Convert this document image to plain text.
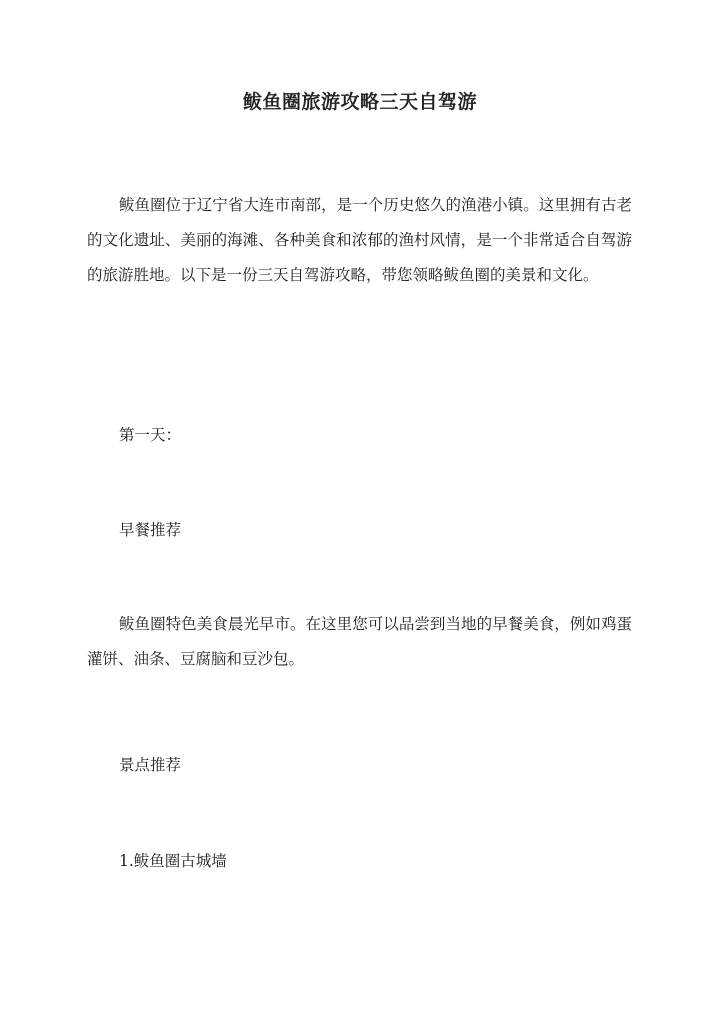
鲅鱼圈旅游攻略三天自驾游

鲅鱼圈位于辽宁省大连市南部，是一个历史悠久的渔港小镇。这里拥有古老的文化遗址、美丽的海滩、各种美食和浓郁的渔村风情，是一个非常适合自驾游的旅游胜地。以下是一份三天自驾游攻略，带您领略鲅鱼圈的美景和文化。

第一天：

早餐推荐

鲅鱼圈特色美食晨光早市。在这里您可以品尝到当地的早餐美食，例如鸡蛋灌饼、油条、豆腐脑和豆沙包。

景点推荐

1.鲅鱼圈古城墙
